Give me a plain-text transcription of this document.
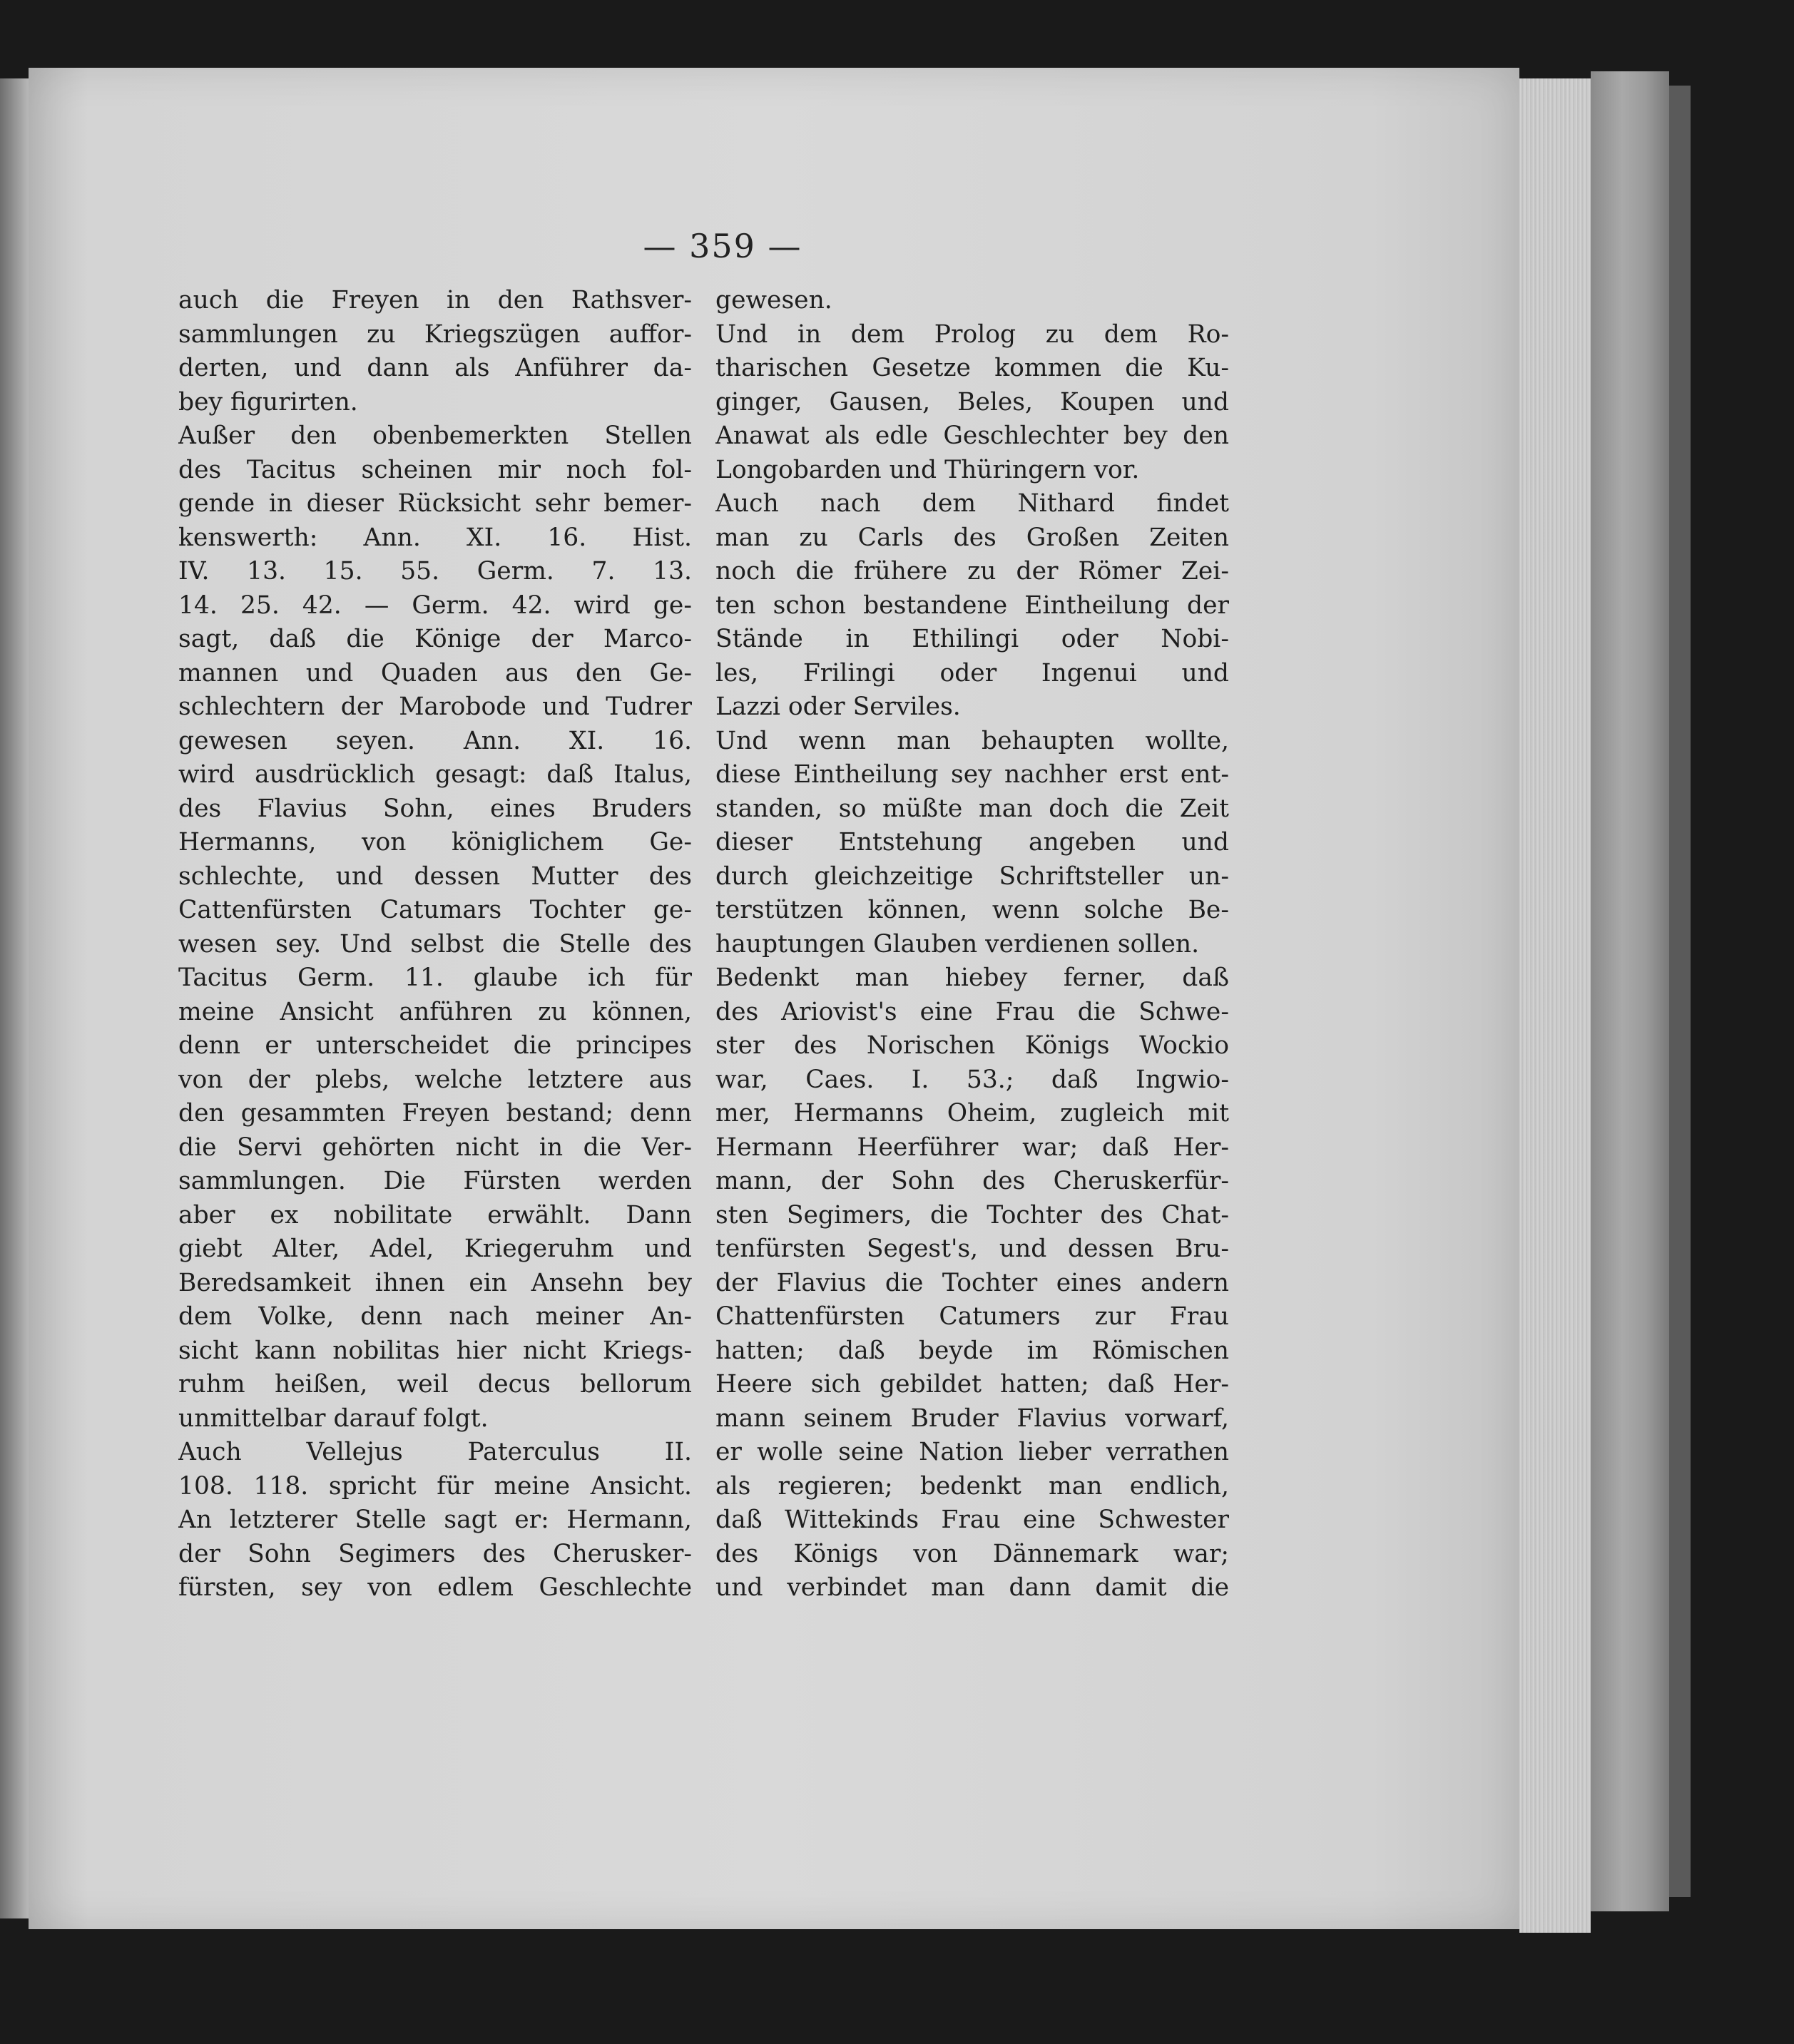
— 359 —
auch die Freyen in den Rathsver-
sammlungen zu Kriegszügen auffor-
derten, und dann als Anführer da-
bey figurirten.
Außer den obenbemerkten Stellen
des Tacitus scheinen mir noch fol-
gende in dieser Rücksicht sehr bemer-
kenswerth: Ann. XI. 16. Hist.
IV. 13. 15. 55. Germ. 7. 13.
14. 25. 42. — Germ. 42. wird ge-
sagt, daß die Könige der Marco-
mannen und Quaden aus den Ge-
schlechtern der Marobode und Tudrer
gewesen seyen. Ann. XI. 16.
wird ausdrücklich gesagt: daß Italus,
des Flavius Sohn, eines Bruders
Hermanns, von königlichem Ge-
schlechte, und dessen Mutter des
Cattenfürsten Catumars Tochter ge-
wesen sey. Und selbst die Stelle des
Tacitus Germ. 11. glaube ich für
meine Ansicht anführen zu können,
denn er unterscheidet die principes
von der plebs, welche letztere aus
den gesammten Freyen bestand; denn
die Servi gehörten nicht in die Ver-
sammlungen. Die Fürsten werden
aber ex nobilitate erwählt. Dann
giebt Alter, Adel, Kriegeruhm und
Beredsamkeit ihnen ein Ansehn bey
dem Volke, denn nach meiner An-
sicht kann nobilitas hier nicht Kriegs-
ruhm heißen, weil decus bellorum
unmittelbar darauf folgt.
Auch Vellejus Paterculus II.
108. 118. spricht für meine Ansicht.
An letzterer Stelle sagt er: Hermann,
der Sohn Segimers des Cherusker-
fürsten, sey von edlem Geschlechte
gewesen.
Und in dem Prolog zu dem Ro-
tharischen Gesetze kommen die Ku-
ginger, Gausen, Beles, Koupen und
Anawat als edle Geschlechter bey den
Longobarden und Thüringern vor.
Auch nach dem Nithard findet
man zu Carls des Großen Zeiten
noch die frühere zu der Römer Zei-
ten schon bestandene Eintheilung der
Stände in Ethilingi oder Nobi-
les, Frilingi oder Ingenui und
Lazzi oder Serviles.
Und wenn man behaupten wollte,
diese Eintheilung sey nachher erst ent-
standen, so müßte man doch die Zeit
dieser Entstehung angeben und
durch gleichzeitige Schriftsteller un-
terstützen können, wenn solche Be-
hauptungen Glauben verdienen sollen.
Bedenkt man hiebey ferner, daß
des Ariovist's eine Frau die Schwe-
ster des Norischen Königs Wockio
war, Caes. I. 53.; daß Ingwio-
mer, Hermanns Oheim, zugleich mit
Hermann Heerführer war; daß Her-
mann, der Sohn des Cheruskerfür-
sten Segimers, die Tochter des Chat-
tenfürsten Segest's, und dessen Bru-
der Flavius die Tochter eines andern
Chattenfürsten Catumers zur Frau
hatten; daß beyde im Römischen
Heere sich gebildet hatten; daß Her-
mann seinem Bruder Flavius vorwarf,
er wolle seine Nation lieber verrathen
als regieren; bedenkt man endlich,
daß Wittekinds Frau eine Schwester
des Königs von Dännemark war;
und verbindet man dann damit die
